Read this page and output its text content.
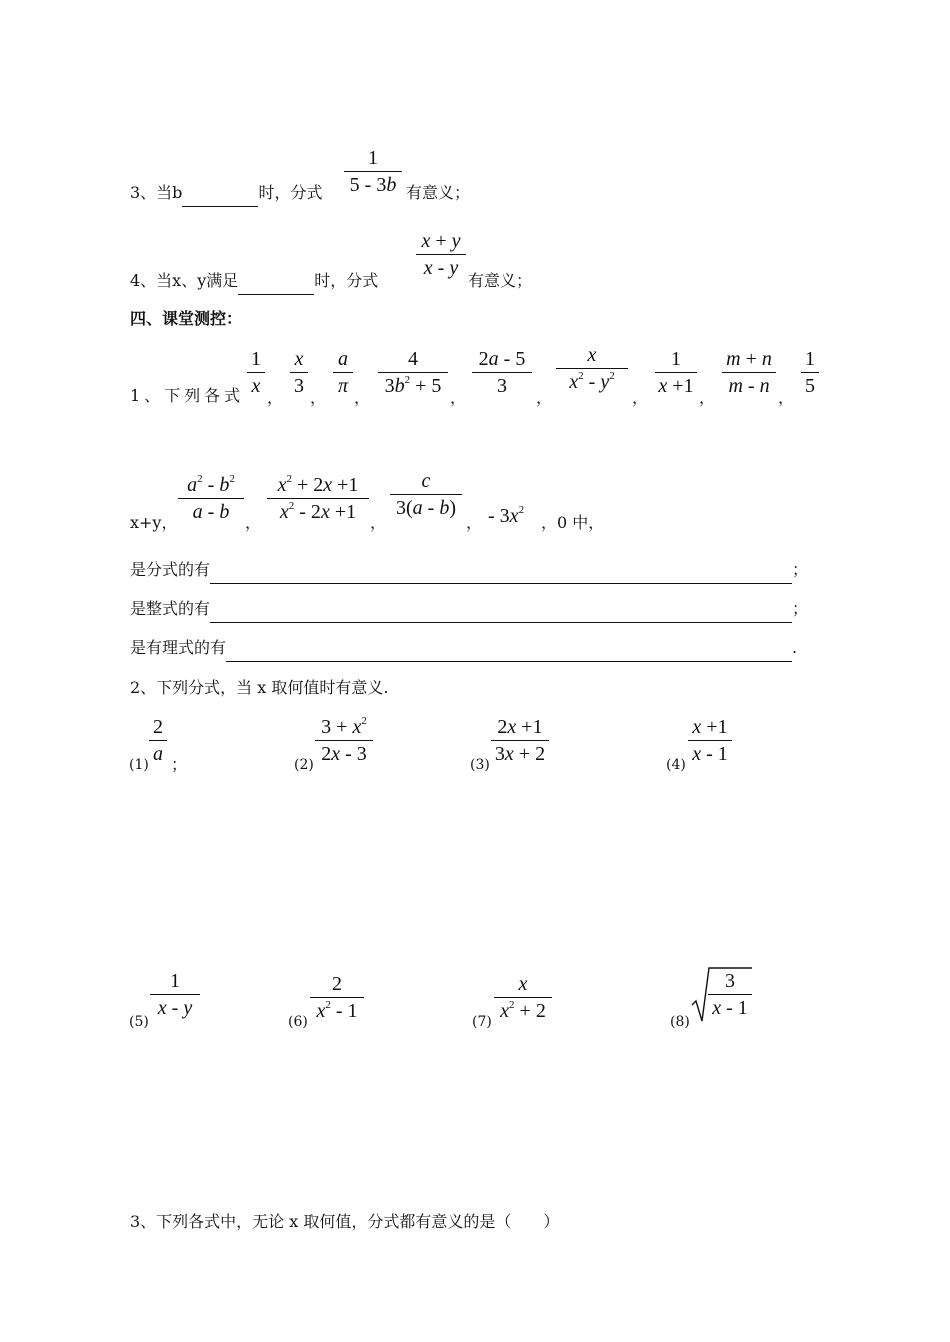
3、当b	时，分式
1
5 - 3b 有意义；
4、当x、y满足	时，分式
x + y
x - y
有意义；
四、课堂测控：
1、下列各式
1
x
，
x
3
，
a
π
，
4
$3b^2 + 5$
，
2a - 5
3
，
x
$x^2 - y^2$
，
1
x +1
，
m + n
m - n
，
1
5
x+y，
$a^2 - b^2$
a - b ，
$x^2 + 2x +1$
$x^2 - 2x +1$ ，
c
3(a - b)
， - $3x^2$
，0 中，
是分式的有	；
是整式的有	；
是有理式的有	.
2、下列分式，当 x 取何值时有意义.
(1)
2
a ；	(2)
$3 + x^2$
2x - 3	(3)
2x +1
3x + 2	(4)
x +1
x - 1
(5)
1
x - y
(6)
2
$x^2 - 1$	(7)
x
$x^2 + 2$	(8)
3
x - 1
3、下列各式中，无论 x 取何值，分式都有意义的是（　　）
